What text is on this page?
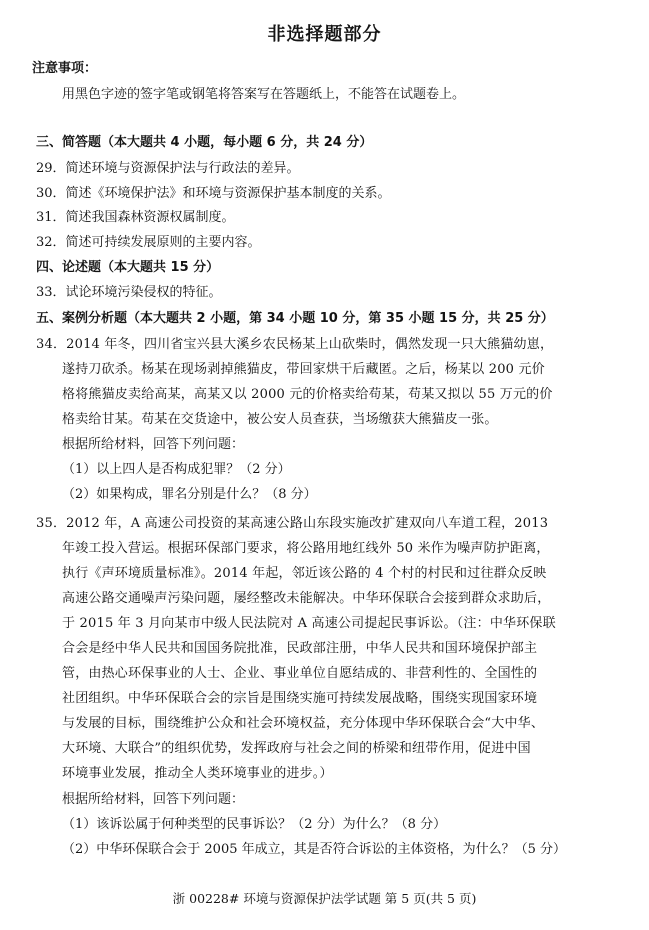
非选择题部分
注意事项：
用黑色字迹的签字笔或钢笔将答案写在答题纸上，不能答在试题卷上。
三、简答题（本大题共 4 小题，每小题 6 分，共 24 分）
29．简述环境与资源保护法与行政法的差异。
30．简述《环境保护法》和环境与资源保护基本制度的关系。
31．简述我国森林资源权属制度。
32．简述可持续发展原则的主要内容。
四、论述题（本大题共 15 分）
33．试论环境污染侵权的特征。
五、案例分析题（本大题共 2 小题，第 34 小题 10 分，第 35 小题 15 分，共 25 分）
34．2014 年冬，四川省宝兴县大溪乡农民杨某上山砍柴时，偶然发现一只大熊猫幼崽，
遂持刀砍杀。杨某在现场剥掉熊猫皮，带回家烘干后藏匿。之后，杨某以 200 元价
格将熊猫皮卖给高某，高某又以 2000 元的价格卖给苟某，苟某又拟以 55 万元的价
格卖给甘某。苟某在交货途中，被公安人员查获，当场缴获大熊猫皮一张。
根据所给材料，回答下列问题：
（1）以上四人是否构成犯罪？（2 分）
（2）如果构成，罪名分别是什么？（8 分）
35．2012 年，A 高速公司投资的某高速公路山东段实施改扩建双向八车道工程，2013
年竣工投入营运。根据环保部门要求，将公路用地红线外 50 米作为噪声防护距离，
执行《声环境质量标准》。2014 年起，邻近该公路的 4 个村的村民和过往群众反映
高速公路交通噪声污染问题，屡经整改未能解决。中华环保联合会接到群众求助后，
于 2015 年 3 月向某市中级人民法院对 A 高速公司提起民事诉讼。（注：中华环保联
合会是经中华人民共和国国务院批准，民政部注册，中华人民共和国环境保护部主
管，由热心环保事业的人士、企业、事业单位自愿结成的、非营利性的、全国性的
社团组织。中华环保联合会的宗旨是围绕实施可持续发展战略，围绕实现国家环境
与发展的目标，围绕维护公众和社会环境权益，充分体现中华环保联合会“大中华、
大环境、大联合”的组织优势，发挥政府与社会之间的桥梁和纽带作用，促进中国
环境事业发展，推动全人类环境事业的进步。）
根据所给材料，回答下列问题：
（1）该诉讼属于何种类型的民事诉讼？（2 分）为什么？（8 分）
（2）中华环保联合会于 2005 年成立，其是否符合诉讼的主体资格，为什么？（5 分）
浙 00228# 环境与资源保护法学试题 第 5 页(共 5 页)
